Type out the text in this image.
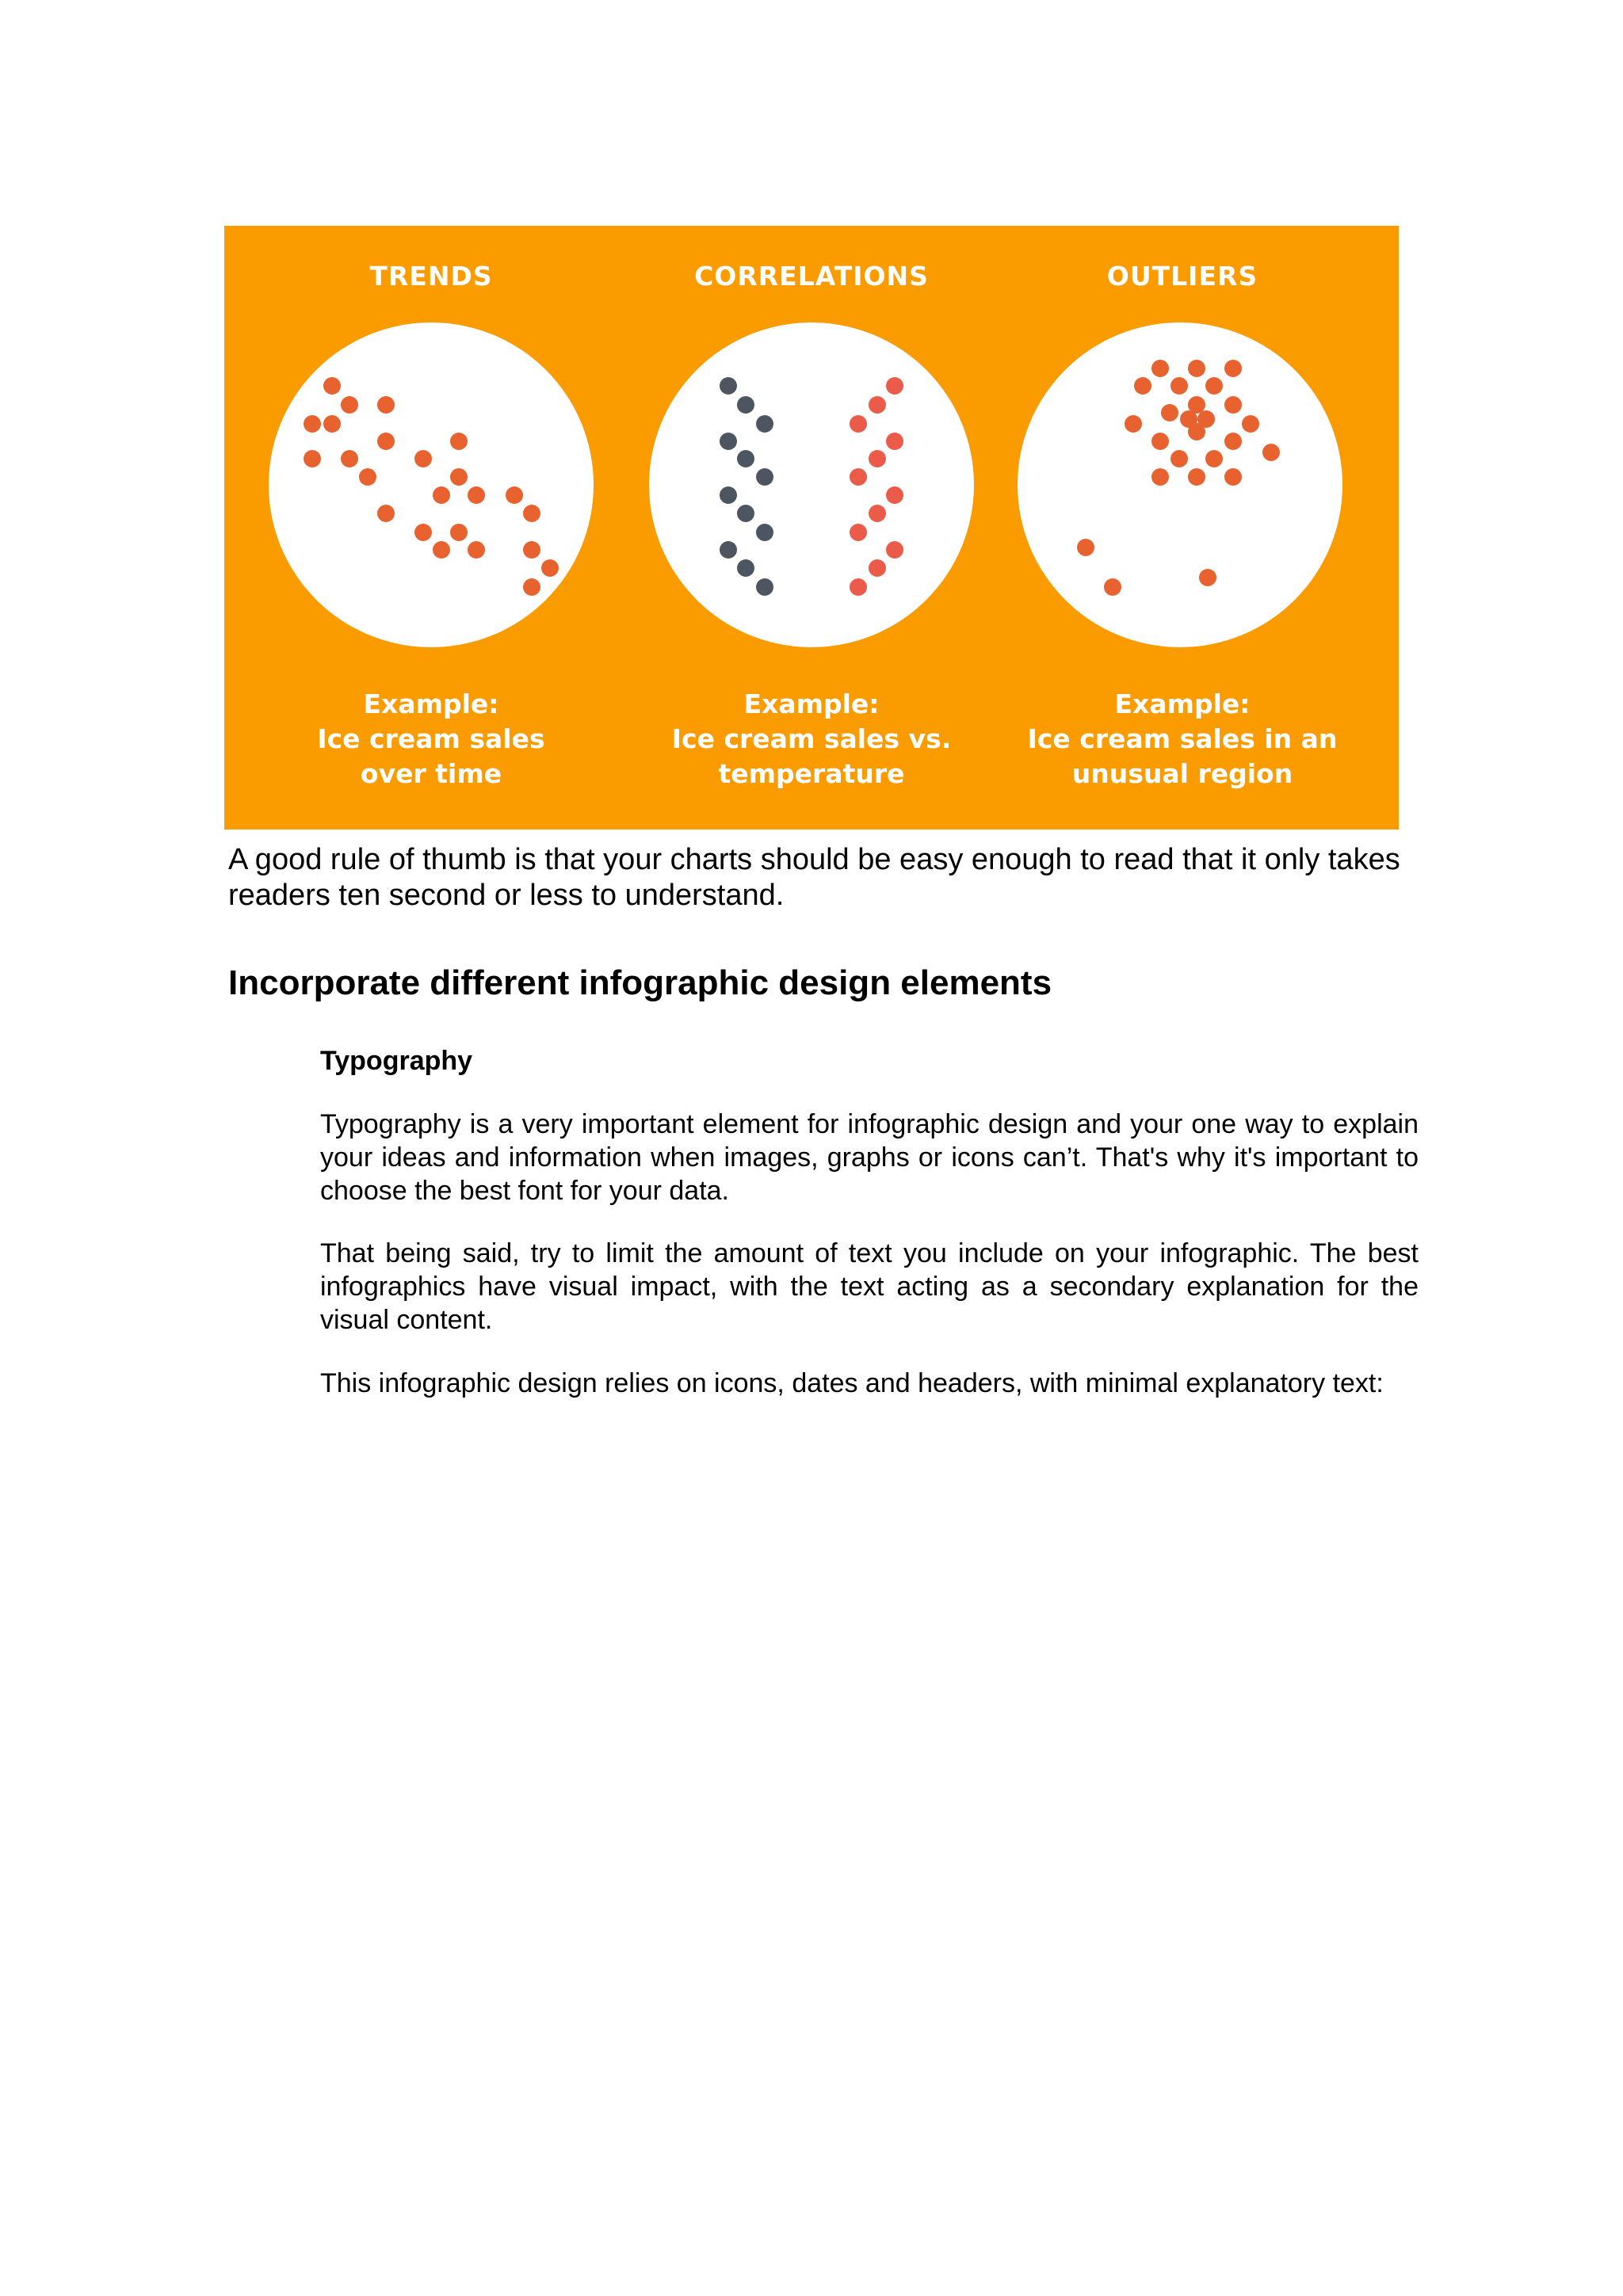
TRENDS
Example:
Ice cream sales
over time
CORRELATIONS
Example:
Ice cream sales vs.
temperature
OUTLIERS
Example:
Ice cream sales in an
unusual region

A good rule of thumb is that your charts should be easy enough to read that it only takes readers ten second or less to understand.

Incorporate different infographic design elements
Typography

Typography is a very important element for infographic design and your one way to explain your ideas and information when images, graphs or icons can’t. That's why it's important to choose the best font for your data.

That being said, try to limit the amount of text you include on your infographic. The best infographics have visual impact, with the text acting as a secondary explanation for the visual content.

This infographic design relies on icons, dates and headers, with minimal explanatory text:
